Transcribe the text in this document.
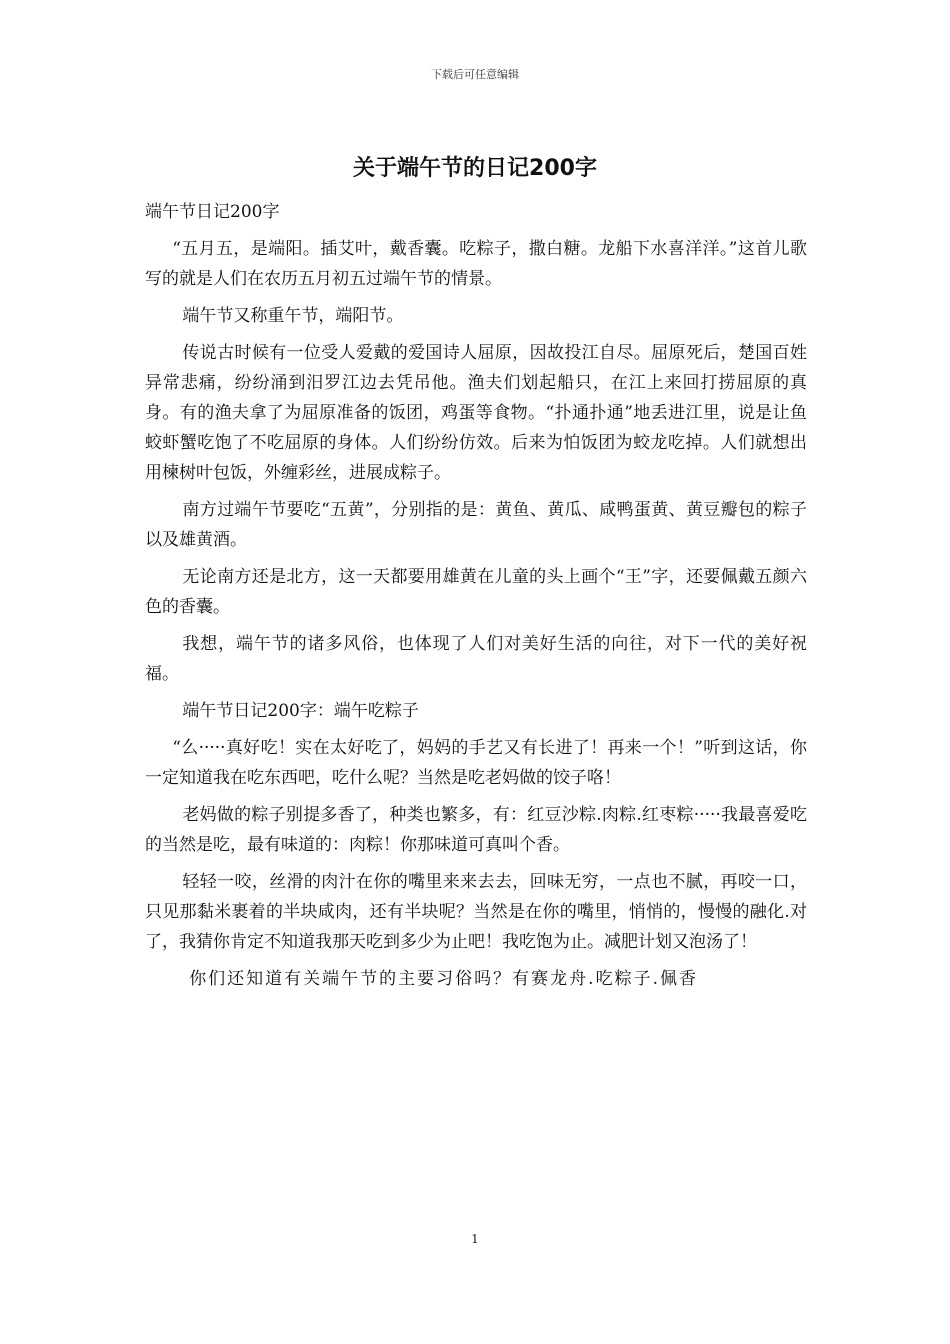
下载后可任意编辑
关于端午节的日记200字

端午节日记200字

“五月五，是端阳。插艾叶，戴香囊。吃粽子，撒白糖。龙船下水喜洋洋。”这首儿歌写的就是人们在农历五月初五过端午节的情景。

端午节又称重午节，端阳节。

传说古时候有一位受人爱戴的爱国诗人屈原，因故投江自尽。屈原死后，楚国百姓异常悲痛，纷纷涌到汨罗江边去凭吊他。渔夫们划起船只，在江上来回打捞屈原的真身。有的渔夫拿了为屈原准备的饭团，鸡蛋等食物。“扑通扑通”地丢进江里，说是让鱼蛟虾蟹吃饱了不吃屈原的身体。人们纷纷仿效。后来为怕饭团为蛟龙吃掉。人们就想出用楝树叶包饭，外缠彩丝，进展成粽子。

南方过端午节要吃“五黄”，分别指的是：黄鱼、黄瓜、咸鸭蛋黄、黄豆瓣包的粽子以及雄黄酒。

无论南方还是北方，这一天都要用雄黄在儿童的头上画个“王”字，还要佩戴五颜六色的香囊。

我想，端午节的诸多风俗，也体现了人们对美好生活的向往，对下一代的美好祝福。

端午节日记200字：端午吃粽子

“么·····真好吃！实在太好吃了，妈妈的手艺又有长进了！再来一个！”听到这话，你一定知道我在吃东西吧，吃什么呢？当然是吃老妈做的饺子咯！

老妈做的粽子别提多香了，种类也繁多，有：红豆沙粽.肉粽.红枣粽·····我最喜爱吃的当然是吃，最有味道的：肉粽！你那味道可真叫个香。

轻轻一咬，丝滑的肉汁在你的嘴里来来去去，回味无穷，一点也不腻，再咬一口，只见那黏米裹着的半块咸肉，还有半块呢？当然是在你的嘴里，悄悄的，慢慢的融化.对了，我猜你肯定不知道我那天吃到多少为止吧！我吃饱为止。减肥计划又泡汤了！

你们还知道有关端午节的主要习俗吗？有赛龙舟.吃粽子.佩香

1
